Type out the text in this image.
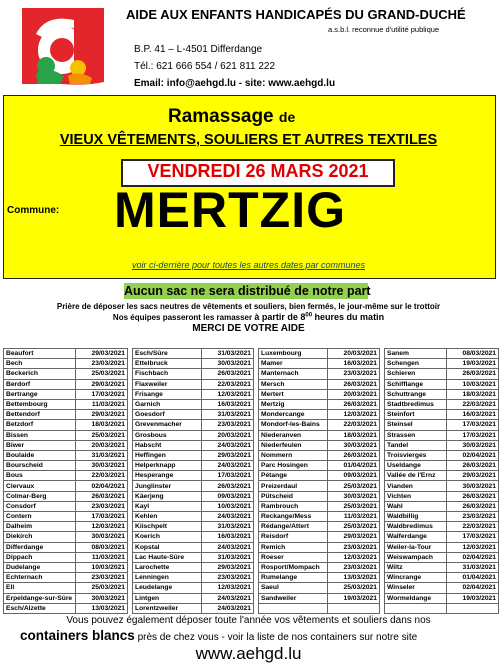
AIDE AUX ENFANTS HANDICAPÉS DU GRAND-DUCHÉ
a.s.b.l. reconnue d'utilité publique
B.P. 41 – L-4501 Differdange
Tél.: 621 666 554 / 621 811 222
Email: info@aehgd.lu - site: www.aehgd.lu
Ramassage de
VIEUX VÊTEMENTS, SOULIERS ET AUTRES TEXTILES
VENDREDI 26 MARS 2021
Commune: MERTZIG
voir ci-derrière pour toutes les autres dates par communes
Aucun sac ne sera distribué de notre part
Prière de déposer les sacs neutres de vêtements et souliers, bien fermés, le jour-même sur le trottoir
Nos équipes passeront les ramasser à partir de $8^{00}$ heures du matin
MERCI DE VOTRE AIDE
Beaufort	29/03/2021		Esch/Sûre	31/03/2021		Luxembourg	20/03/2021		Sanem	08/03/2021
Bech	23/03/2021		Ettelbruck	30/03/2021		Mamer	16/03/2021		Schengen	19/03/2021
Beckerich	25/03/2021		Fischbach	26/03/2021		Manternach	23/03/2021		Schieren	26/03/2021
Berdorf	29/03/2021		Flaxweiler	22/03/2021		Mersch	26/03/2021		Schifflange	10/03/2021
Bertrange	17/03/2021		Frisange	12/03/2021		Mertert	20/03/2021		Schuttrange	18/03/2021
Bettembourg	11/03/2021		Garnich	16/03/2021		Mertzig	26/03/2021		Stadtbredimus	22/03/2021
Bettendorf	29/03/2021		Goesdorf	31/03/2021		Mondercange	12/03/2021		Steinfort	16/03/2021
Betzdorf	18/03/2021		Grevenmacher	23/03/2021		Mondorf-les-Bains	22/03/2021		Steinsel	17/03/2021
Bissen	25/03/2021		Grosbous	20/03/2021		Niederanven	18/03/2021		Strassen	17/03/2021
Biwer	20/03/2021		Habscht	24/03/2021		Niederfeulen	30/03/2021		Tandel	30/03/2021
Boulaide	31/03/2021		Heffingen	29/03/2021		Nommern	26/03/2021		Troisvierges	02/04/2021
Bourscheid	30/03/2021		Helperknapp	24/03/2021		Parc Hosingen	01/04/2021		Useldange	26/03/2021
Bous	22/03/2021		Hesperange	17/03/2021		Pétange	09/03/2021		Vallée de l'Ernz	29/03/2021
Clervaux	02/04/2021		Junglinster	26/03/2021		Preizerdaul	25/03/2021		Vianden	30/03/2021
Colmar-Berg	26/03/2021		Käerjeng	09/03/2021		Pütscheid	30/03/2021		Vichten	26/03/2021
Consdorf	23/03/2021		Kayl	10/03/2021		Rambrouch	25/03/2021		Wahl	26/03/2021
Contern	17/03/2021		Kehlen	24/03/2021		Reckange/Mess	11/03/2021		Waldbillig	23/03/2021
Dalheim	12/03/2021		Kiischpelt	31/03/2021		Rédange/Attert	25/03/2021		Waldbredimus	22/03/2021
Diekirch	30/03/2021		Koerich	16/03/2021		Reisdorf	29/03/2021		Walferdange	17/03/2021
Differdange	08/03/2021		Kopstal	24/03/2021		Remich	23/03/2021		Weiler-la-Tour	12/03/2021
Dippach	11/03/2021		Lac Haute-Sûre	31/03/2021		Roeser	12/03/2021		Weiswampach	02/04/2021
Dudelange	10/03/2021		Larochette	29/03/2021		Rosport/Mompach	23/03/2021		Wiltz	31/03/2021
Echternach	23/03/2021		Lenningen	23/03/2021		Rumelange	13/03/2021		Wincrange	01/04/2021
Ell	25/03/2021		Leudelange	12/03/2021		Saeul	25/03/2021		Winseler	02/04/2021
Erpeldange-sur-Sûre	30/03/2021		Lintgen	24/03/2021		Sandweiler	19/03/2021		Wormeldange	19/03/2021
Esch/Alzette	13/03/2021		Lorentzweiler	24/03/2021						
Vous pouvez également déposer toute l'année vos vêtements et souliers dans nos
containers blancs près de chez vous - voir la liste de nos containers sur notre site
www.aehgd.lu
